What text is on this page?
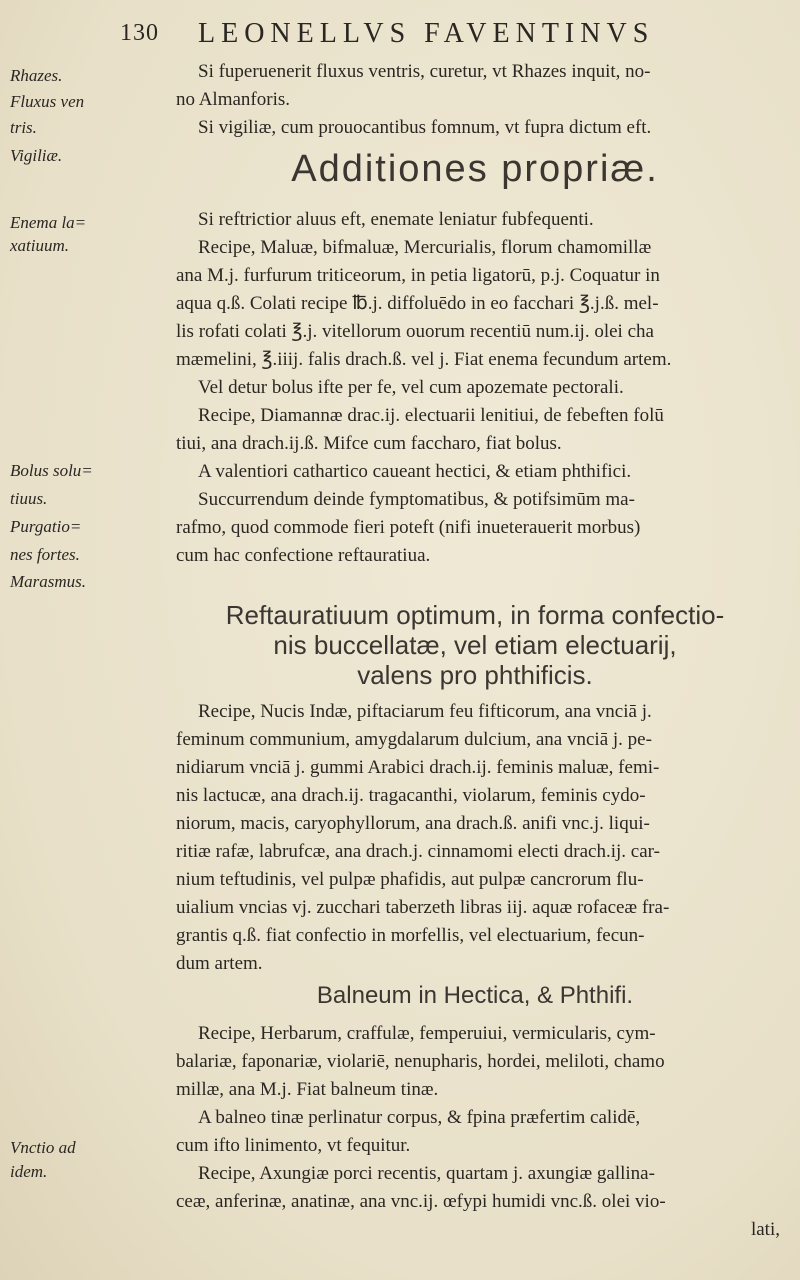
130 LEONELLVS FAVENTINVS
Rhazes.
Fluxus ven
tris.
Vigiliæ.
Enema la=
xatiuum.
Bolus solu=
tiuus.
Purgatio=
nes fortes.
Marasmus.
Vnctio ad
idem.
Si fuperuenerit fluxus ventris, curetur, vt Rhazes inquit, no-
no Almanforis.
Si vigiliæ, cum prouocantibus fomnum, vt fupra dictum eft.
Additiones propriæ.
Si reftrictior aluus eft, enemate leniatur fubfequenti.
Recipe, Maluæ, bifmaluæ, Mercurialis, florum chamomillæ
ana M.j. furfurum triticeorum, in petia ligatorū, p.j. Coquatur in
aqua q.ß. Colati recipe ℔.j. diffoluēdo in eo facchari ℥.j.ß. mel-
lis rofati colati ℥.j. vitellorum ouorum recentiū num.ij. olei cha
mæmelini, ℥.iiij. falis drach.ß. vel j. Fiat enema fecundum artem.
Vel detur bolus ifte per fe, vel cum apozemate pectorali.
Recipe, Diamannæ drac.ij. electuarii lenitiui, de febeften folū
tiui, ana drach.ij.ß. Mifce cum faccharo, fiat bolus.
A valentiori cathartico caueant hectici, & etiam phthifici.
Succurrendum deinde fymptomatibus, & potifsimūm ma-
rafmo, quod commode fieri poteft (nifi inueterauerit morbus)
cum hac confectione reftauratiua.
Reftauratiuum optimum, in forma confectio-
nis buccellatæ, vel etiam electuarij,
valens pro phthificis.
Recipe, Nucis Indæ, piftaciarum feu fifticorum, ana vnciā j.
feminum communium, amygdalarum dulcium, ana vnciā j. pe-
nidiarum vnciā j. gummi Arabici drach.ij. feminis maluæ, femi-
nis lactucæ, ana drach.ij. tragacanthi, violarum, feminis cydo-
niorum, macis, caryophyllorum, ana drach.ß. anifi vnc.j. liqui-
ritiæ rafæ, labrufcæ, ana drach.j. cinnamomi electi drach.ij. car-
nium teftudinis, vel pulpæ phafidis, aut pulpæ cancrorum flu-
uialium vncias vj. zucchari taberzeth libras iij. aquæ rofaceæ fra-
grantis q.ß. fiat confectio in morfellis, vel electuarium, fecun-
dum artem.
Balneum in Hectica, & Phthifi.
Recipe, Herbarum, craffulæ, femperuiui, vermicularis, cym-
balariæ, faponariæ, violariē, nenupharis, hordei, meliloti, chamo
millæ, ana M.j. Fiat balneum tinæ.
A balneo tinæ perlinatur corpus, & fpina præfertim calidē,
cum ifto linimento, vt fequitur.
Recipe, Axungiæ porci recentis, quartam j. axungiæ gallina-
ceæ, anferinæ, anatinæ, ana vnc.ij. œfypi humidi vnc.ß. olei vio-
lati,
